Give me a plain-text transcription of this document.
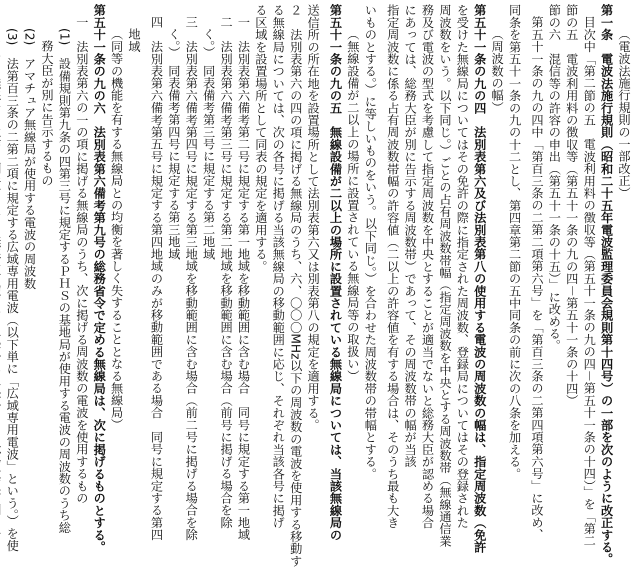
（電波法施行規則の一部改正）
第一条　電波法施行規則（昭和二十五年電波監理委員会規則第十四号）の一部を次のように改正する。
目次中「第二節の五　電波利用料の徴収等（第五十一条の九の四－第五十一条の十四）」を「第二
節の五　電波利用料の徴収等（第五十一条の九の四－第五十一条の十四）
節の六　混信等の許容の申出（第五十一条の十五）」に改める。
第五十一条の九の四中「第百三条の二第二項第六号」を「第百三条の二第四項第六号」に改め、
同条を第五十一条の九の十二とし、第四章第二節の五中同条の前に次の八条を加える。
（周波数の幅）
第五十一条の九の四　法別表第六及び法別表第八の使用する電波の周波数の幅は、指定周波数（免許
を受けた無線局についてはその免許の際に指定された周波数、登録局についてはその登録された
周波数をいう。以下同じ。）ごとの占有周波数帯幅（指定周波数を中央とする周波数帯（無線通信業
務及び電波の型式を考慮して指定周波数を中央とすることが適当でないと総務大臣が認める場合
にあっては、総務大臣が別に告示する周波数帯）であって、その周波数帯の幅が当該
指定周波数に係る占有周波数帯幅の許容値（二以上の許容値を有する場合は、そのうち最も大き
いものとする。）に等しいものをいう。以下同じ。）を合わせた周波数帯の帯幅とする。
（無線設備が二以上の場所に設置されている無線局等の取扱い）
第五十一条の九の五　無線設備が二以上の場所に設置されている無線局については、当該無線局の
送信所の所在地を設置場所として法別表第六又は別表第八の規定を適用する。
２　法別表第六の四の項に掲げる無線局のうち、六、〇〇〇MHz以下の周波数の電波を使用する移動す
る無線局については、次の各号に掲げる当該無線局の移動範囲に応じ、それぞれ当該各号に掲げ
る区域を設置場所として同表の規定を適用する。
一　法別表第六備考第二号に規定する第一地域を移動範囲に含む場合　同号に規定する第一地域
二　法別表第六備考第三号に規定する第二地域を移動範囲に含む場合（前号に掲げる場合を除
く。）　同表備考第三号に規定する第二地域
三　法別表第六備考第四号に規定する第三地域を移動範囲に含む場合（前二号に掲げる場合を除
く。）　同表備考第四号に規定する第三地域
四　法別表第六備考第五号に規定する第四地域のみが移動範囲である場合　同号に規定する第四
地域
（同等の機能を有する無線局との均衡を著しく失することとなる無線局）
第五十一条の九の六　法別表第六備考第九号の総務省令で定める無線局は、次に掲げるものとする。
一　法別表第六の一の項に掲げる無線局のうち、次に掲げる周波数の電波を使用するもの
(1)　設備規則第九条の四第三号に規定するＰＨＳの基地局が使用する電波の周波数のうち総
務大臣が別に告示するもの
(2)　アマチュア無線局が使用する電波の周波数
(3)　法第百三条の二第二項に規定する広域専用電波（以下単に「広域専用電波」という。）を使
